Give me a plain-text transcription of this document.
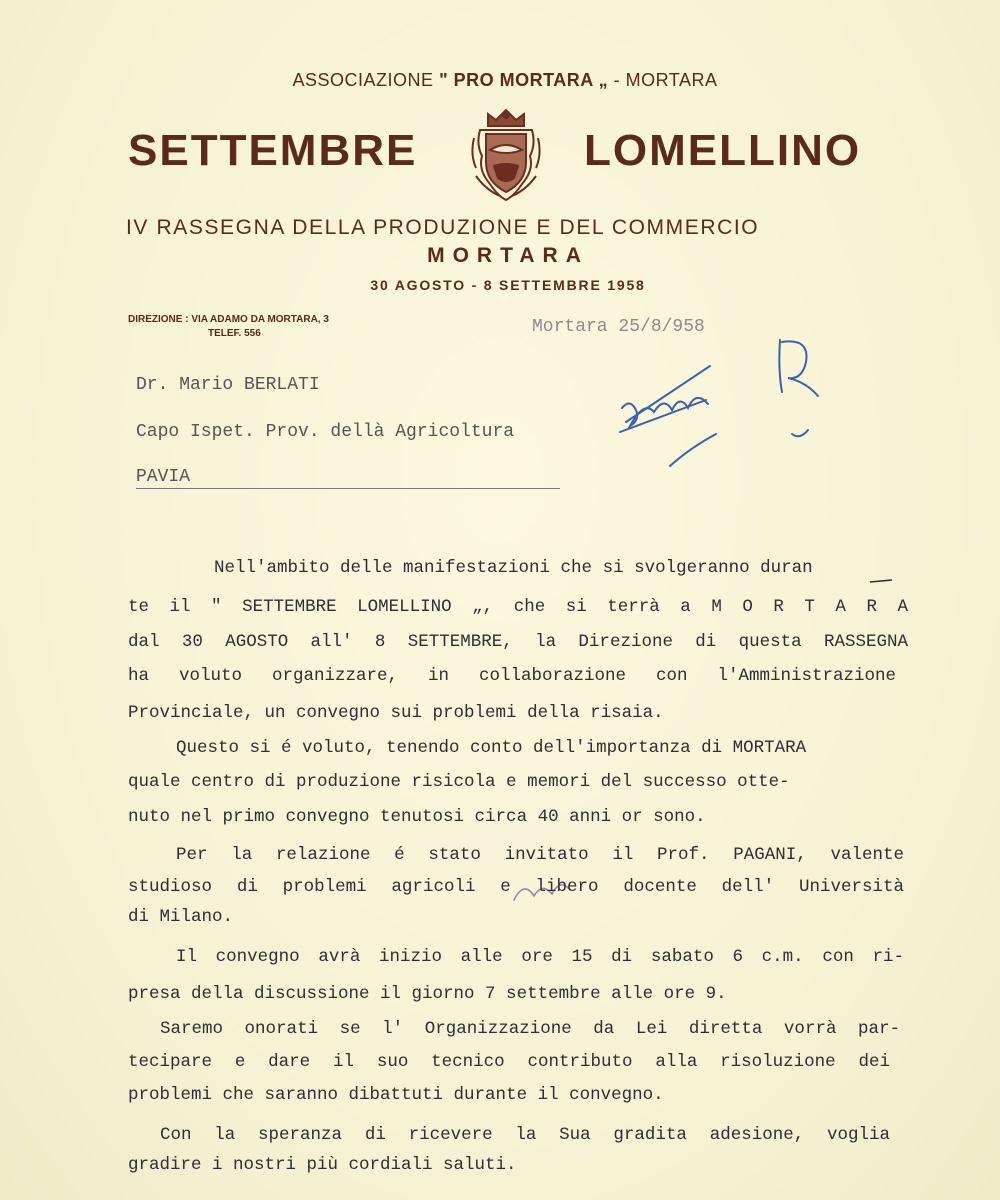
ASSOCIAZIONE " PRO MORTARA „ - MORTARA
SETTEMBRE	LOMELLINO
IV RASSEGNA DELLA PRODUZIONE E DEL COMMERCIO
MORTARA
30 AGOSTO - 8 SETTEMBRE 1958
DIREZIONE : VIA ADAMO DA MORTARA, 3
TELEF. 556	Mortara 25/8/958
Dr. Mario BERLATI
Capo Ispet. Prov. dellà Agricoltura
PAVIA
Nell'ambito delle manifestazioni che si svolgeranno duran
te il " SETTEMBRE LOMELLINO „, che si terrà a M O R T A R A
dal 30 AGOSTO all' 8 SETTEMBRE, la Direzione di questa RASSEGNA
ha voluto organizzare, in collaborazione con l'Amministrazione
Provinciale, un convegno sui problemi della risaia.
Questo si é voluto, tenendo conto dell'importanza di MORTARA
quale centro di produzione risicola e memori del successo otte-
nuto nel primo convegno tenutosi circa 40 anni or sono.
Per la relazione é stato invitato il Prof. PAGANI, valente
studioso di problemi agricoli e libero docente dell' Università
di Milano.
Il convegno avrà inizio alle ore 15 di sabato 6 c.m. con ri-
presa della discussione il giorno 7 settembre alle ore 9.
Saremo onorati se l' Organizzazione da Lei diretta vorrà par-
tecipare e dare il suo tecnico contributo alla risoluzione dei
problemi che saranno dibattuti durante il convegno.
Con la speranza di ricevere la Sua gradita adesione, voglia
gradire i nostri più cordiali saluti.
